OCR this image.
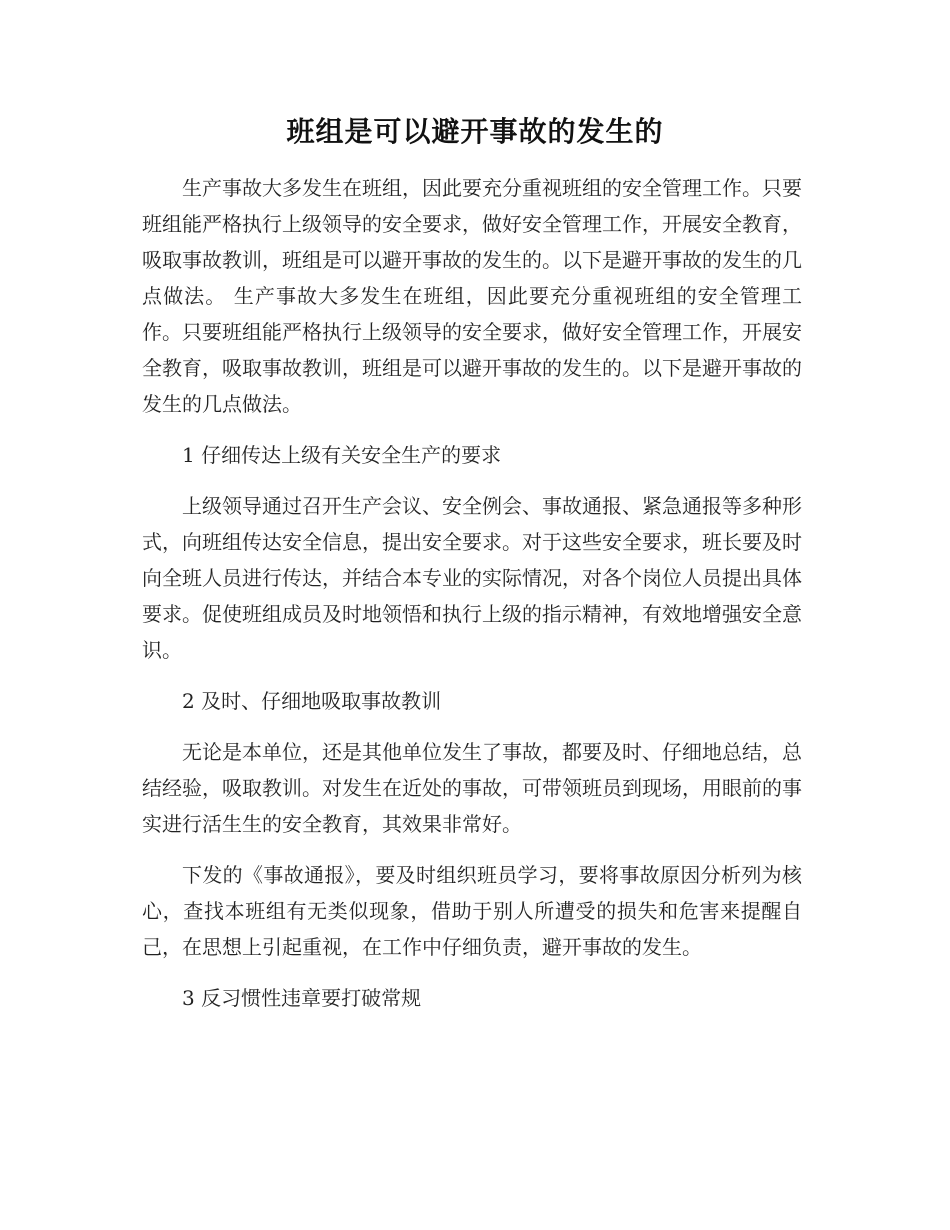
班组是可以避开事故的发生的

生产事故大多发生在班组，因此要充分重视班组的安全管理工作。只要班组能严格执行上级领导的安全要求，做好安全管理工作，开展安全教育，吸取事故教训，班组是可以避开事故的发生的。以下是避开事故的发生的几点做法。 生产事故大多发生在班组，因此要充分重视班组的安全管理工作。只要班组能严格执行上级领导的安全要求，做好安全管理工作，开展安全教育，吸取事故教训，班组是可以避开事故的发生的。以下是避开事故的发生的几点做法。

1 仔细传达上级有关安全生产的要求

上级领导通过召开生产会议、安全例会、事故通报、紧急通报等多种形式，向班组传达安全信息，提出安全要求。对于这些安全要求，班长要及时向全班人员进行传达，并结合本专业的实际情况，对各个岗位人员提出具体要求。促使班组成员及时地领悟和执行上级的指示精神，有效地增强安全意识。

2 及时、仔细地吸取事故教训

无论是本单位，还是其他单位发生了事故，都要及时、仔细地总结，总结经验，吸取教训。对发生在近处的事故，可带领班员到现场，用眼前的事实进行活生生的安全教育，其效果非常好。

下发的《事故通报》，要及时组织班员学习，要将事故原因分析列为核心，查找本班组有无类似现象，借助于别人所遭受的损失和危害来提醒自己，在思想上引起重视，在工作中仔细负责，避开事故的发生。

3 反习惯性违章要打破常规
